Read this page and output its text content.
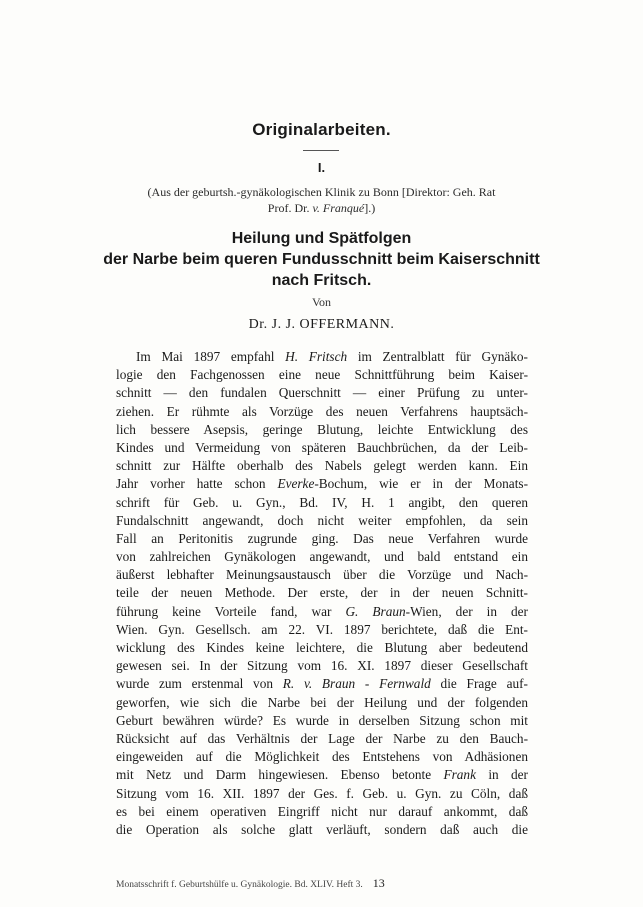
Originalarbeiten.
I.
(Aus der geburtsh.-gynäkologischen Klinik zu Bonn [Direktor: Geh. Rat
Prof. Dr. v. Franqué].)
Heilung und Spätfolgen
der Narbe beim queren Fundusschnitt beim Kaiserschnitt
nach Fritsch.
Von
Dr. J. J. OFFERMANN.
Im Mai 1897 empfahl H. Fritsch im Zentralblatt für Gynäko-
logie den Fachgenossen eine neue Schnittführung beim Kaiser-
schnitt — den fundalen Querschnitt — einer Prüfung zu unter-
ziehen. Er rühmte als Vorzüge des neuen Verfahrens hauptsäch-
lich bessere Asepsis, geringe Blutung, leichte Entwicklung des
Kindes und Vermeidung von späteren Bauchbrüchen, da der Leib-
schnitt zur Hälfte oberhalb des Nabels gelegt werden kann. Ein
Jahr vorher hatte schon Everke-Bochum, wie er in der Monats-
schrift für Geb. u. Gyn., Bd. IV, H. 1 angibt, den queren
Fundalschnitt angewandt, doch nicht weiter empfohlen, da sein
Fall an Peritonitis zugrunde ging. Das neue Verfahren wurde
von zahlreichen Gynäkologen angewandt, und bald entstand ein
äußerst lebhafter Meinungsaustausch über die Vorzüge und Nach-
teile der neuen Methode. Der erste, der in der neuen Schnitt-
führung keine Vorteile fand, war G. Braun-Wien, der in der
Wien. Gyn. Gesellsch. am 22. VI. 1897 berichtete, daß die Ent-
wicklung des Kindes keine leichtere, die Blutung aber bedeutend
gewesen sei. In der Sitzung vom 16. XI. 1897 dieser Gesellschaft
wurde zum erstenmal von R. v. Braun - Fernwald die Frage auf-
geworfen, wie sich die Narbe bei der Heilung und der folgenden
Geburt bewähren würde? Es wurde in derselben Sitzung schon mit
Rücksicht auf das Verhältnis der Lage der Narbe zu den Bauch-
eingeweiden auf die Möglichkeit des Entstehens von Adhäsionen
mit Netz und Darm hingewiesen. Ebenso betonte Frank in der
Sitzung vom 16. XII. 1897 der Ges. f. Geb. u. Gyn. zu Cöln, daß
es bei einem operativen Eingriff nicht nur darauf ankommt, daß
die Operation als solche glatt verläuft, sondern daß auch die
Monatsschrift f. Geburtshülfe u. Gynäkologie. Bd. XLIV. Heft 3. 13
